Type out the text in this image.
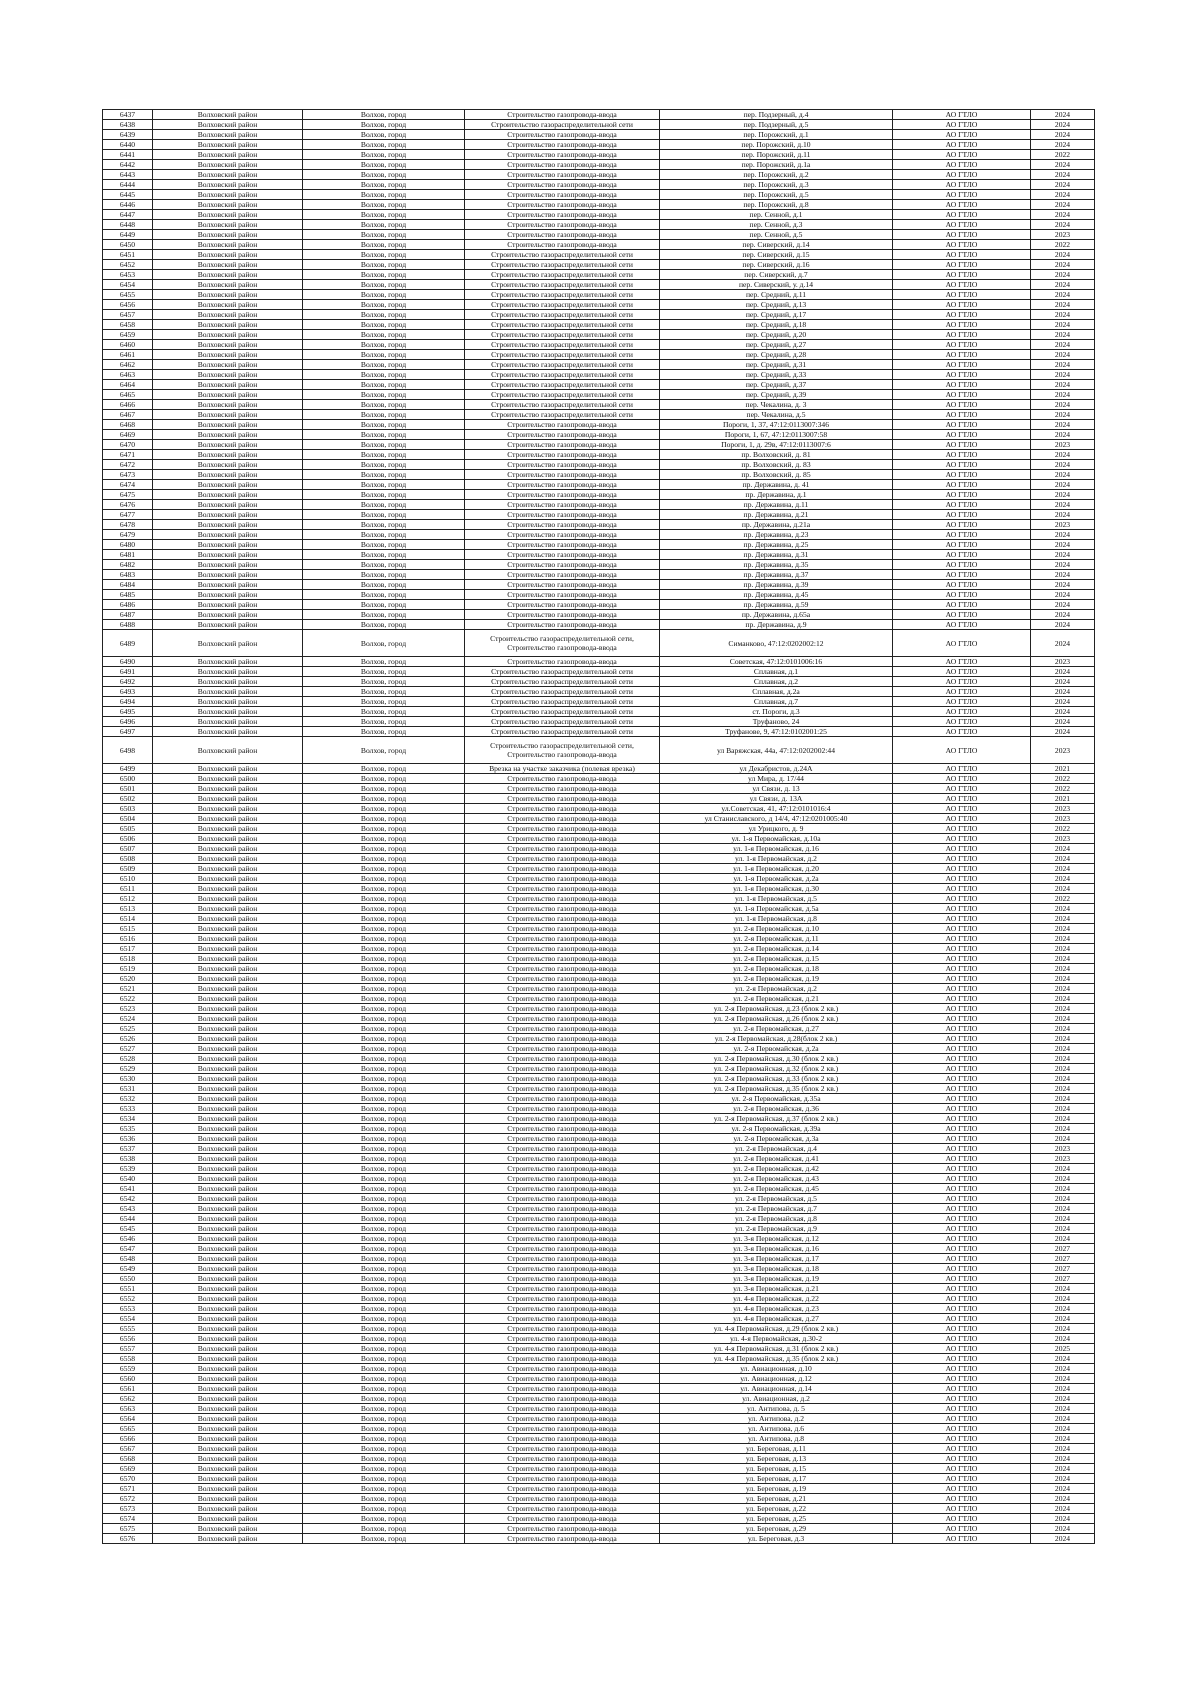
6437	Волховский район	Волхов, город	Строительство газопровода-ввода	пер. Подзерный, д.4	АО ГТЛО	2024	
6438	Волховский район	Волхов, город	Строительство газораспределительной сети	пер. Подзерный, д.5	АО ГТЛО	2024	
6439	Волховский район	Волхов, город	Строительство газопровода-ввода	пер. Порожский, д.1	АО ГТЛО	2024	
6440	Волховский район	Волхов, город	Строительство газопровода-ввода	пер. Порожский, д.10	АО ГТЛО	2024	
6441	Волховский район	Волхов, город	Строительство газопровода-ввода	пер. Порожский, д.11	АО ГТЛО	2022	
6442	Волховский район	Волхов, город	Строительство газопровода-ввода	пер. Порожский, д.1а	АО ГТЛО	2024	
6443	Волховский район	Волхов, город	Строительство газопровода-ввода	пер. Порожский, д.2	АО ГТЛО	2024	
6444	Волховский район	Волхов, город	Строительство газопровода-ввода	пер. Порожский, д.3	АО ГТЛО	2024	
6445	Волховский район	Волхов, город	Строительство газопровода-ввода	пер. Порожский, д.5	АО ГТЛО	2024	
6446	Волховский район	Волхов, город	Строительство газопровода-ввода	пер. Порожский, д.8	АО ГТЛО	2024	
6447	Волховский район	Волхов, город	Строительство газопровода-ввода	пер. Сенной, д.1	АО ГТЛО	2024	
6448	Волховский район	Волхов, город	Строительство газопровода-ввода	пер. Сенной, д.3	АО ГТЛО	2024	
6449	Волховский район	Волхов, город	Строительство газопровода-ввода	пер. Сенной, д.5	АО ГТЛО	2023	
6450	Волховский район	Волхов, город	Строительство газопровода-ввода	пер. Сиверский, д.14	АО ГТЛО	2022	
6451	Волховский район	Волхов, город	Строительство газораспределительной сети	пер. Сиверский, д.15	АО ГТЛО	2024	
6452	Волховский район	Волхов, город	Строительство газораспределительной сети	пер. Сиверский, д.16	АО ГТЛО	2024	
6453	Волховский район	Волхов, город	Строительство газораспределительной сети	пер. Сиверский, д.7	АО ГТЛО	2024	
6454	Волховский район	Волхов, город	Строительство газораспределительной сети	пер. Сиверский, у. д.14	АО ГТЛО	2024	
6455	Волховский район	Волхов, город	Строительство газораспределительной сети	пер. Средний, д.11	АО ГТЛО	2024	
6456	Волховский район	Волхов, город	Строительство газораспределительной сети	пер. Средний, д.13	АО ГТЛО	2024	
6457	Волховский район	Волхов, город	Строительство газораспределительной сети	пер. Средний, д.17	АО ГТЛО	2024	
6458	Волховский район	Волхов, город	Строительство газораспределительной сети	пер. Средний, д.18	АО ГТЛО	2024	
6459	Волховский район	Волхов, город	Строительство газораспределительной сети	пер. Средний, д.20	АО ГТЛО	2024	
6460	Волховский район	Волхов, город	Строительство газораспределительной сети	пер. Средний, д.27	АО ГТЛО	2024	
6461	Волховский район	Волхов, город	Строительство газораспределительной сети	пер. Средний, д.28	АО ГТЛО	2024	
6462	Волховский район	Волхов, город	Строительство газораспределительной сети	пер. Средний, д.31	АО ГТЛО	2024	
6463	Волховский район	Волхов, город	Строительство газораспределительной сети	пер. Средний, д.33	АО ГТЛО	2024	
6464	Волховский район	Волхов, город	Строительство газораспределительной сети	пер. Средний, д.37	АО ГТЛО	2024	
6465	Волховский район	Волхов, город	Строительство газораспределительной сети	пер. Средний, д.39	АО ГТЛО	2024	
6466	Волховский район	Волхов, город	Строительство газораспределительной сети	пер. Чекалина, д. 3	АО ГТЛО	2024	
6467	Волховский район	Волхов, город	Строительство газораспределительной сети	пер. Чекалина, д.5	АО ГТЛО	2024	
6468	Волховский район	Волхов, город	Строительство газопровода-ввода	Пороги, 1, 37, 47:12:0113007:346	АО ГТЛО	2024	
6469	Волховский район	Волхов, город	Строительство газопровода-ввода	Пороги, 1, 67, 47:12:0113007:58	АО ГТЛО	2024	
6470	Волховский район	Волхов, город	Строительство газопровода-ввода	Пороги, 1, д. 29в, 47:12:0113007:6	АО ГТЛО	2023	
6471	Волховский район	Волхов, город	Строительство газопровода-ввода	пр. Волховский, д. 81	АО ГТЛО	2024	
6472	Волховский район	Волхов, город	Строительство газопровода-ввода	пр. Волховский, д. 83	АО ГТЛО	2024	
6473	Волховский район	Волхов, город	Строительство газопровода-ввода	пр. Волховский, д. 85	АО ГТЛО	2024	
6474	Волховский район	Волхов, город	Строительство газопровода-ввода	пр. Державина, д. 41	АО ГТЛО	2024	
6475	Волховский район	Волхов, город	Строительство газопровода-ввода	пр. Державина, д.1	АО ГТЛО	2024	
6476	Волховский район	Волхов, город	Строительство газопровода-ввода	пр. Державина, д.11	АО ГТЛО	2024	
6477	Волховский район	Волхов, город	Строительство газопровода-ввода	пр. Державина, д.21	АО ГТЛО	2024	
6478	Волховский район	Волхов, город	Строительство газопровода-ввода	пр. Державина, д.21а	АО ГТЛО	2023	
6479	Волховский район	Волхов, город	Строительство газопровода-ввода	пр. Державина, д.23	АО ГТЛО	2024	
6480	Волховский район	Волхов, город	Строительство газопровода-ввода	пр. Державина, д.25	АО ГТЛО	2024	
6481	Волховский район	Волхов, город	Строительство газопровода-ввода	пр. Державина, д.31	АО ГТЛО	2024	
6482	Волховский район	Волхов, город	Строительство газопровода-ввода	пр. Державина, д.35	АО ГТЛО	2024	
6483	Волховский район	Волхов, город	Строительство газопровода-ввода	пр. Державина, д.37	АО ГТЛО	2024	
6484	Волховский район	Волхов, город	Строительство газопровода-ввода	пр. Державина, д.39	АО ГТЛО	2024	
6485	Волховский район	Волхов, город	Строительство газопровода-ввода	пр. Державина, д.45	АО ГТЛО	2024	
6486	Волховский район	Волхов, город	Строительство газопровода-ввода	пр. Державина, д.59	АО ГТЛО	2024	
6487	Волховский район	Волхов, город	Строительство газопровода-ввода	пр. Державина, д.65а	АО ГТЛО	2024	
6488	Волховский район	Волхов, город	Строительство газопровода-ввода	пр. Державина, д.9	АО ГТЛО	2024	
6489	Волховский район	Волхов, город	Строительство газораспределительной сети, Строительство газопровода-ввода	Симанково, 47:12:0202002:12	АО ГТЛО	2024	
6490	Волховский район	Волхов, город	Строительство газопровода-ввода	Советская, 47:12:0101006:16	АО ГТЛО	2023	
6491	Волховский район	Волхов, город	Строительство газораспределительной сети	Сплавная, д.1	АО ГТЛО	2024	
6492	Волховский район	Волхов, город	Строительство газораспределительной сети	Сплавная, д.2	АО ГТЛО	2024	
6493	Волховский район	Волхов, город	Строительство газораспределительной сети	Сплавная, д.2а	АО ГТЛО	2024	
6494	Волховский район	Волхов, город	Строительство газораспределительной сети	Сплавная, д.7	АО ГТЛО	2024	
6495	Волховский район	Волхов, город	Строительство газораспределительной сети	ст. Пороги, д.3	АО ГТЛО	2024	
6496	Волховский район	Волхов, город	Строительство газораспределительной сети	Труфановo, 24	АО ГТЛО	2024	
6497	Волховский район	Волхов, город	Строительство газораспределительной сети	Труфанове, 9, 47:12:0102001:25	АО ГТЛО	2024	
6498	Волховский район	Волхов, город	Строительство газораспределительной сети, Строительство газопровода-ввода	ул Варяжская, 44а, 47:12:0202002:44	АО ГТЛО	2023	
6499	Волховский район	Волхов, город	Врезка на участке заказчика (полевая врезка)	ул Декабристов, д.24А	АО ГТЛО	2021	
6500	Волховский район	Волхов, город	Строительство газопровода-ввода	ул Мира, д. 17/44	АО ГТЛО	2022	
6501	Волховский район	Волхов, город	Строительство газопровода-ввода	ул Связи, д. 13	АО ГТЛО	2022	
6502	Волховский район	Волхов, город	Строительство газопровода-ввода	ул Связи, д. 13А	АО ГТЛО	2021	
6503	Волховский район	Волхов, город	Строительство газопровода-ввода	ул.Советская, 41, 47:12:0101016:4	АО ГТЛО	2023	
6504	Волховский район	Волхов, город	Строительство газопровода-ввода	ул Станиславского, д 14/4, 47:12:0201005:40	АО ГТЛО	2023	
6505	Волховский район	Волхов, город	Строительство газопровода-ввода	ул Урицкого, д. 9	АО ГТЛО	2022	
6506	Волховский район	Волхов, город	Строительство газопровода-ввода	ул. 1-я Первомайская, д.10а	АО ГТЛО	2023	
6507	Волховский район	Волхов, город	Строительство газопровода-ввода	ул. 1-я Первомайская, д.16	АО ГТЛО	2024	
6508	Волховский район	Волхов, город	Строительство газопровода-ввода	ул. 1-я Первомайская, д.2	АО ГТЛО	2024	
6509	Волховский район	Волхов, город	Строительство газопровода-ввода	ул. 1-я Первомайская, д.20	АО ГТЛО	2024	
6510	Волховский район	Волхов, город	Строительство газопровода-ввода	ул. 1-я Первомайская, д.2а	АО ГТЛО	2024	
6511	Волховский район	Волхов, город	Строительство газопровода-ввода	ул. 1-я Первомайская, д.30	АО ГТЛО	2024	
6512	Волховский район	Волхов, город	Строительство газопровода-ввода	ул. 1-я Первомайская, д.5	АО ГТЛО	2022	
6513	Волховский район	Волхов, город	Строительство газопровода-ввода	ул. 1-я Первомайская, д.5а	АО ГТЛО	2024	
6514	Волховский район	Волхов, город	Строительство газопровода-ввода	ул. 1-я Первомайская, д.8	АО ГТЛО	2024	
6515	Волховский район	Волхов, город	Строительство газопровода-ввода	ул. 2-я Первомайская, д.10	АО ГТЛО	2024	
6516	Волховский район	Волхов, город	Строительство газопровода-ввода	ул. 2-я Первомайская, д.11	АО ГТЛО	2024	
6517	Волховский район	Волхов, город	Строительство газопровода-ввода	ул. 2-я Первомайская, д.14	АО ГТЛО	2024	
6518	Волховский район	Волхов, город	Строительство газопровода-ввода	ул. 2-я Первомайская, д.15	АО ГТЛО	2024	
6519	Волховский район	Волхов, город	Строительство газопровода-ввода	ул. 2-я Первомайская, д.18	АО ГТЛО	2024	
6520	Волховский район	Волхов, город	Строительство газопровода-ввода	ул. 2-я Первомайская, д.19	АО ГТЛО	2024	
6521	Волховский район	Волхов, город	Строительство газопровода-ввода	ул. 2-я Первомайская, д.2	АО ГТЛО	2024	
6522	Волховский район	Волхов, город	Строительство газопровода-ввода	ул. 2-я Первомайская, д.21	АО ГТЛО	2024	
6523	Волховский район	Волхов, город	Строительство газопровода-ввода	ул. 2-я Первомайская, д.23 (блок 2 кв.)	АО ГТЛО	2024	
6524	Волховский район	Волхов, город	Строительство газопровода-ввода	ул. 2-я Первомайская, д.26 (блок 2 кв.)	АО ГТЛО	2024	
6525	Волховский район	Волхов, город	Строительство газопровода-ввода	ул. 2-я Первомайская, д.27	АО ГТЛО	2024	
6526	Волховский район	Волхов, город	Строительство газопровода-ввода	ул. 2-я Первомайская, д.28(блок 2 кв.)	АО ГТЛО	2024	
6527	Волховский район	Волхов, город	Строительство газопровода-ввода	ул. 2-я Первомайская, д.2а	АО ГТЛО	2024	
6528	Волховский район	Волхов, город	Строительство газопровода-ввода	ул. 2-я Первомайская, д.30 (блок 2 кв.)	АО ГТЛО	2024	
6529	Волховский район	Волхов, город	Строительство газопровода-ввода	ул. 2-я Первомайская, д.32 (блок 2 кв.)	АО ГТЛО	2024	
6530	Волховский район	Волхов, город	Строительство газопровода-ввода	ул. 2-я Первомайская, д.33 (блок 2 кв.)	АО ГТЛО	2024	
6531	Волховский район	Волхов, город	Строительство газопровода-ввода	ул. 2-я Первомайская, д.35 (блок 2 кв.)	АО ГТЛО	2024	
6532	Волховский район	Волхов, город	Строительство газопровода-ввода	ул. 2-я Первомайская, д.35а	АО ГТЛО	2024	
6533	Волховский район	Волхов, город	Строительство газопровода-ввода	ул. 2-я Первомайская, д.36	АО ГТЛО	2024	
6534	Волховский район	Волхов, город	Строительство газопровода-ввода	ул. 2-я Первомайская, д.37 (блок 2 кв.)	АО ГТЛО	2024	
6535	Волховский район	Волхов, город	Строительство газопровода-ввода	ул. 2-я Первомайская, д.39а	АО ГТЛО	2024	
6536	Волховский район	Волхов, город	Строительство газопровода-ввода	ул. 2-я Первомайская, д.3а	АО ГТЛО	2024	
6537	Волховский район	Волхов, город	Строительство газопровода-ввода	ул. 2-я Первомайская, д.4	АО ГТЛО	2023	
6538	Волховский район	Волхов, город	Строительство газопровода-ввода	ул. 2-я Первомайская, д.41	АО ГТЛО	2023	
6539	Волховский район	Волхов, город	Строительство газопровода-ввода	ул. 2-я Первомайская, д.42	АО ГТЛО	2024	
6540	Волховский район	Волхов, город	Строительство газопровода-ввода	ул. 2-я Первомайская, д.43	АО ГТЛО	2024	
6541	Волховский район	Волхов, город	Строительство газопровода-ввода	ул. 2-я Первомайская, д.45	АО ГТЛО	2024	
6542	Волховский район	Волхов, город	Строительство газопровода-ввода	ул. 2-я Первомайская, д.5	АО ГТЛО	2024	
6543	Волховский район	Волхов, город	Строительство газопровода-ввода	ул. 2-я Первомайская, д.7	АО ГТЛО	2024	
6544	Волховский район	Волхов, город	Строительство газопровода-ввода	ул. 2-я Первомайская, д.8	АО ГТЛО	2024	
6545	Волховский район	Волхов, город	Строительство газопровода-ввода	ул. 2-я Первомайская, д.9	АО ГТЛО	2024	
6546	Волховский район	Волхов, город	Строительство газопровода-ввода	ул. 3-я Первомайская, д.12	АО ГТЛО	2024	
6547	Волховский район	Волхов, город	Строительство газопровода-ввода	ул. 3-я Первомайская, д.16	АО ГТЛО	2027	
6548	Волховский район	Волхов, город	Строительство газопровода-ввода	ул. 3-я Первомайская, д.17	АО ГТЛО	2027	
6549	Волховский район	Волхов, город	Строительство газопровода-ввода	ул. 3-я Первомайская, д.18	АО ГТЛО	2027	
6550	Волховский район	Волхов, город	Строительство газопровода-ввода	ул. 3-я Первомайская, д.19	АО ГТЛО	2027	
6551	Волховский район	Волхов, город	Строительство газопровода-ввода	ул. 3-я Первомайская, д.21	АО ГТЛО	2024	
6552	Волховский район	Волхов, город	Строительство газопровода-ввода	ул. 4-я Первомайская, д.22	АО ГТЛО	2024	
6553	Волховский район	Волхов, город	Строительство газопровода-ввода	ул. 4-я Первомайская, д.23	АО ГТЛО	2024	
6554	Волховский район	Волхов, город	Строительство газопровода-ввода	ул. 4-я Первомайская, д.27	АО ГТЛО	2024	
6555	Волховский район	Волхов, город	Строительство газопровода-ввода	ул. 4-я Первомайская, д.29 (блок 2 кв.)	АО ГТЛО	2024	
6556	Волховский район	Волхов, город	Строительство газопровода-ввода	ул. 4-я Первомайская, д.30-2	АО ГТЛО	2024	
6557	Волховский район	Волхов, город	Строительство газопровода-ввода	ул. 4-я Первомайская, д.31 (блок 2 кв.)	АО ГТЛО	2025	
6558	Волховский район	Волхов, город	Строительство газопровода-ввода	ул. 4-я Первомайская, д.35 (блок 2 кв.)	АО ГТЛО	2024	
6559	Волховский район	Волхов, город	Строительство газопровода-ввода	ул. Авиационная, д.10	АО ГТЛО	2024	
6560	Волховский район	Волхов, город	Строительство газопровода-ввода	ул. Авиационная, д.12	АО ГТЛО	2024	
6561	Волховский район	Волхов, город	Строительство газопровода-ввода	ул. Авиационная, д.14	АО ГТЛО	2024	
6562	Волховский район	Волхов, город	Строительство газопровода-ввода	ул. Авиационная, д.2	АО ГТЛО	2024	
6563	Волховский район	Волхов, город	Строительство газопровода-ввода	ул. Антипова, д. 5	АО ГТЛО	2024	
6564	Волховский район	Волхов, город	Строительство газопровода-ввода	ул. Антипова, д.2	АО ГТЛО	2024	
6565	Волховский район	Волхов, город	Строительство газопровода-ввода	ул. Антипова, д.6	АО ГТЛО	2024	
6566	Волховский район	Волхов, город	Строительство газопровода-ввода	ул. Антипова, д.8	АО ГТЛО	2024	
6567	Волховский район	Волхов, город	Строительство газопровода-ввода	ул. Береговая, д.11	АО ГТЛО	2024	
6568	Волховский район	Волхов, город	Строительство газопровода-ввода	ул. Береговая, д.13	АО ГТЛО	2024	
6569	Волховский район	Волхов, город	Строительство газопровода-ввода	ул. Береговая, д.15	АО ГТЛО	2024	
6570	Волховский район	Волхов, город	Строительство газопровода-ввода	ул. Береговая, д.17	АО ГТЛО	2024	
6571	Волховский район	Волхов, город	Строительство газопровода-ввода	ул. Береговая, д.19	АО ГТЛО	2024	
6572	Волховский район	Волхов, город	Строительство газопровода-ввода	ул. Береговая, д.21	АО ГТЛО	2024	
6573	Волховский район	Волхов, город	Строительство газопровода-ввода	ул. Береговая, д.22	АО ГТЛО	2024	
6574	Волховский район	Волхов, город	Строительство газопровода-ввода	ул. Береговая, д.25	АО ГТЛО	2024	
6575	Волховский район	Волхов, город	Строительство газопровода-ввода	ул. Береговая, д.29	АО ГТЛО	2024	
6576	Волховский район	Волхов, город	Строительство газопровода-ввода	ул. Береговая, д.3	АО ГТЛО	2024	
